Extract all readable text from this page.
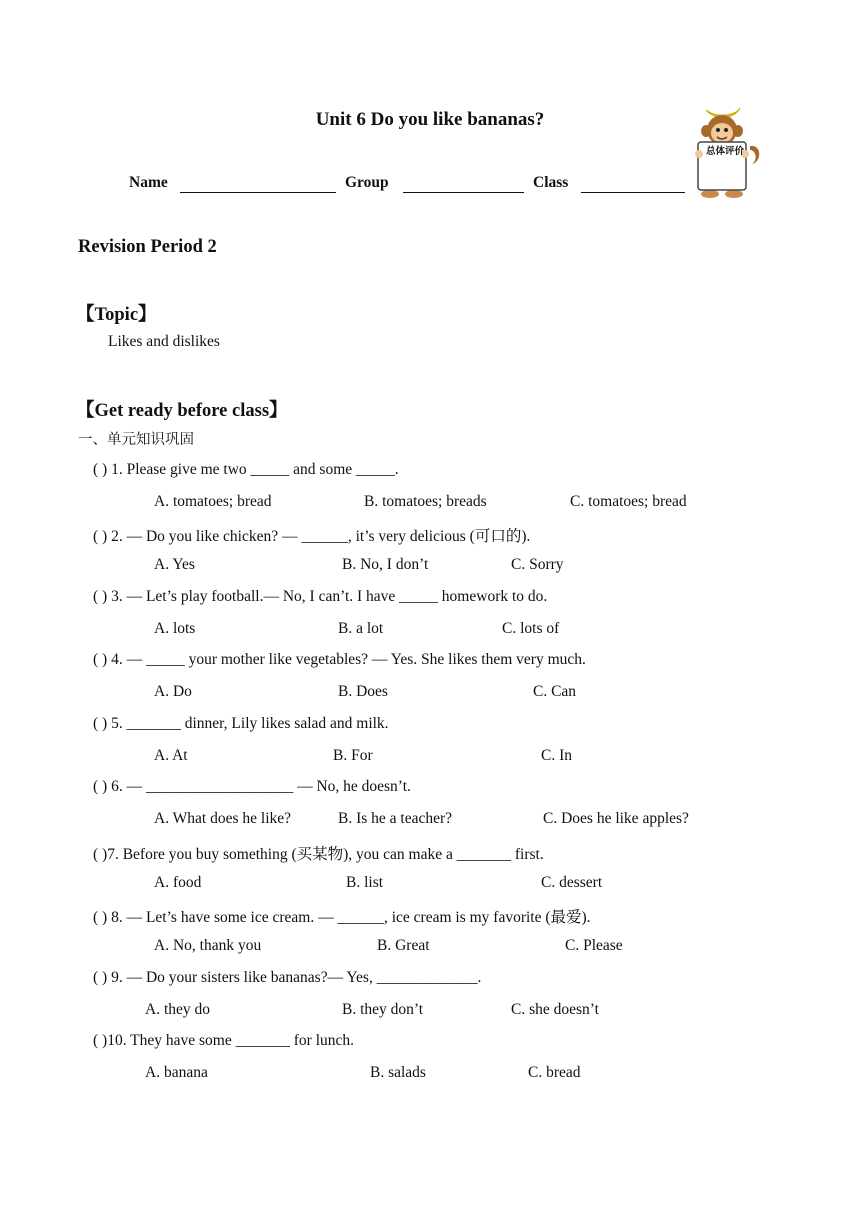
Unit 6 Do you like bananas?
Name	Group	Class
总体评价
Revision Period 2
【Topic】
Likes and dislikes
【Get ready before class】
一、单元知识巩固
( ) 1. Please give me two _____ and some _____.
A. tomatoes; bread	B. tomatoes; breads	C. tomatoes; bread
( ) 2. — Do you like chicken? — ______, it’s very delicious (可口的).
A. Yes	B. No, I don’t	C. Sorry
( ) 3. — Let’s play football.— No, I can’t. I have _____ homework to do.
A. lots	B. a lot	C. lots of
( ) 4. — _____ your mother like vegetables? — Yes. She likes them very much.
A. Do	B. Does	C. Can
( ) 5. _______ dinner, Lily likes salad and milk.
A. At	B. For	C. In
( ) 6. — ___________________ — No, he doesn’t.
A. What does he like?	B. Is he a teacher?	C. Does he like apples?
( )7. Before you buy something (买某物), you can make a _______ first.
A. food	B. list	C. dessert
( ) 8. — Let’s have some ice cream. — ______, ice cream is my favorite (最爱).
A. No, thank you	B. Great	C. Please
( ) 9. — Do your sisters like bananas?— Yes, _____________.
A. they do	B. they don’t	C. she doesn’t
( )10. They have some _______ for lunch.
A. banana	B. salads	C. bread
